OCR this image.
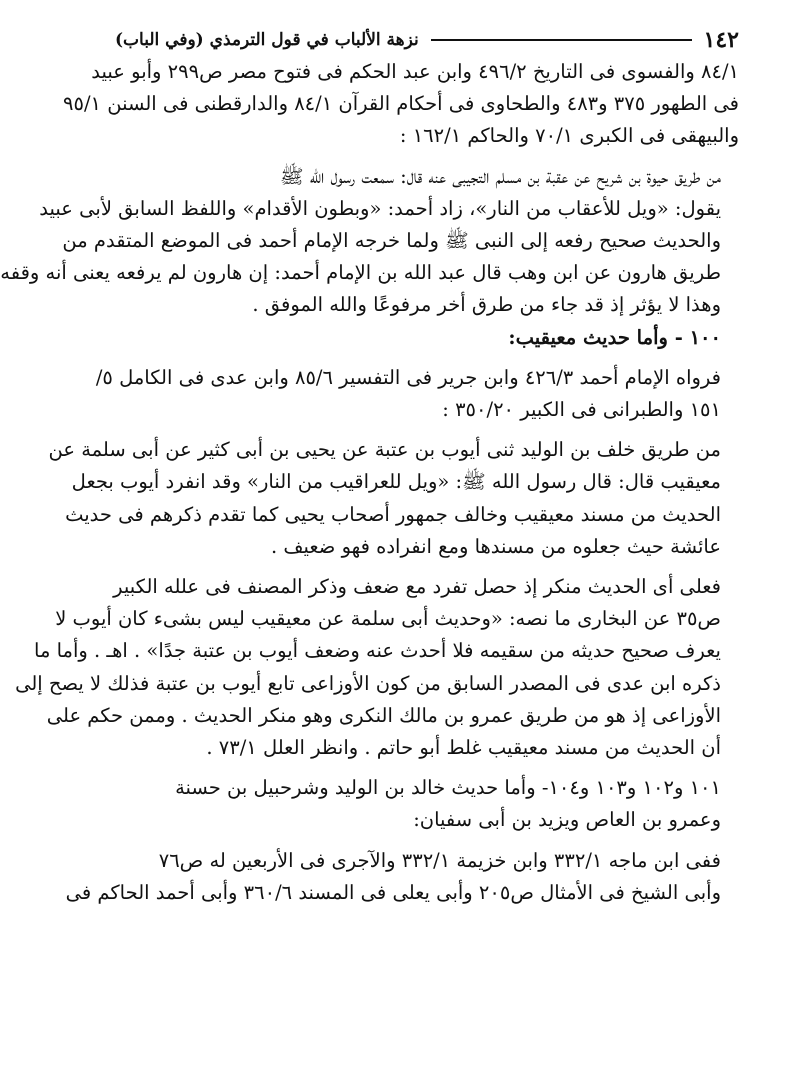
١٤٢
نزهة الألباب في قول الترمذي (وفي الباب)
٨٤/١ والفسوى فى التاريخ ٤٩٦/٢ وابن عبد الحكم فى فتوح مصر ص٢٩٩ وأبو عبيد
فى الطهور ٣٧٥ و٤٨٣ والطحاوى فى أحكام القرآن ٨٤/١ والدارقطنى فى السنن ٩٥/١
والبيهقى فى الكبرى ٧٠/١ والحاكم ١٦٢/١ :
من طريق حيوة بن شريح عن عقبة بن مسلم التجيبى عنه قال: سمعت رسول الله ﷺ
يقول: «ويل للأعقاب من النار»، زاد أحمد: «وبطون الأقدام» واللفظ السابق لأبى عبيد
والحديث صحيح رفعه إلى النبى ﷺ ولما خرجه الإمام أحمد فى الموضع المتقدم من
طريق هارون عن ابن وهب قال عبد الله بن الإمام أحمد: إن هارون لم يرفعه يعنى أنه وقفه
وهذا لا يؤثر إذ قد جاء من طرق أخر مرفوعًا والله الموفق .
١٠٠ - وأما حديث معيقيب:
فرواه الإمام أحمد ٤٢٦/٣ وابن جرير فى التفسير ٨٥/٦ وابن عدى فى الكامل ٥/
١٥١ والطبرانى فى الكبير ٣٥٠/٢٠ :
من طريق خلف بن الوليد ثنى أيوب بن عتبة عن يحيى بن أبى كثير عن أبى سلمة عن
معيقيب قال: قال رسول الله ﷺ: «ويل للعراقيب من النار» وقد انفرد أيوب بجعل
الحديث من مسند معيقيب وخالف جمهور أصحاب يحيى كما تقدم ذكرهم فى حديث
عائشة حيث جعلوه من مسندها ومع انفراده فهو ضعيف .
فعلى أى الحديث منكر إذ حصل تفرد مع ضعف وذكر المصنف فى علله الكبير
ص٣٥ عن البخارى ما نصه: «وحديث أبى سلمة عن معيقيب ليس بشىء كان أيوب لا
يعرف صحيح حديثه من سقيمه فلا أحدث عنه وضعف أيوب بن عتبة جدًا» . اهـ . وأما ما
ذكره ابن عدى فى المصدر السابق من كون الأوزاعى تابع أيوب بن عتبة فذلك لا يصح إلى
الأوزاعى إذ هو من طريق عمرو بن مالك النكرى وهو منكر الحديث . وممن حكم على
أن الحديث من مسند معيقيب غلط أبو حاتم . وانظر العلل ٧٣/١ .
١٠١ و١٠٢ و١٠٣ و١٠٤- وأما حديث خالد بن الوليد وشرحبيل بن حسنة
وعمرو بن العاص ويزيد بن أبى سفيان:
ففى ابن ماجه ٣٣٢/١ وابن خزيمة ٣٣٢/١ والآجرى فى الأربعين له ص٧٦
وأبى الشيخ فى الأمثال ص٢٠٥ وأبى يعلى فى المسند ٣٦٠/٦ وأبى أحمد الحاكم فى
